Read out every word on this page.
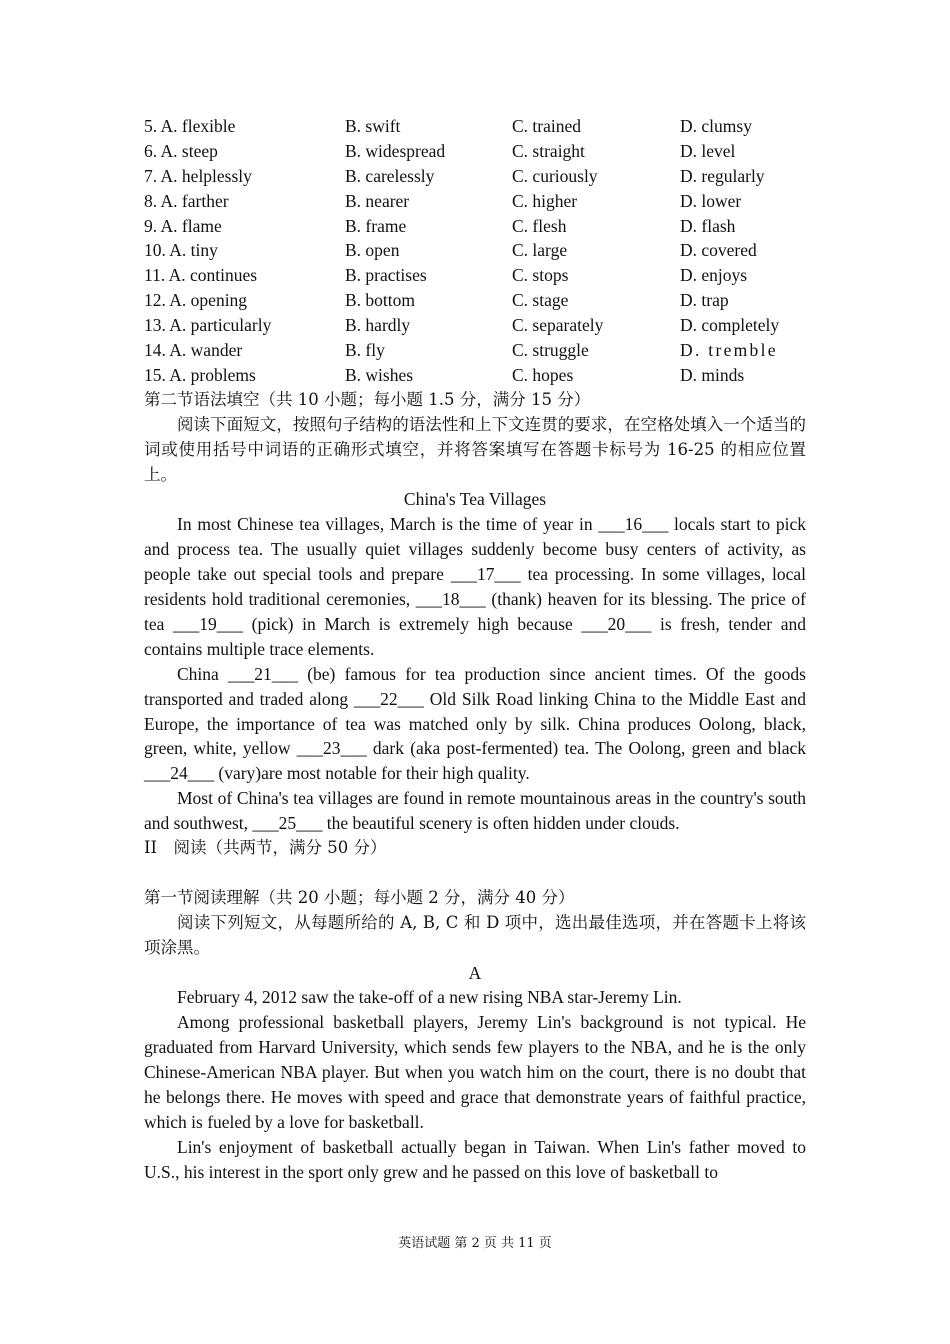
5. A. flexible	B. swift	C. trained	D. clumsy
6. A. steep	B. widespread	C. straight	D. level
7. A. helplessly	B. carelessly	C. curiously	D. regularly
8. A. farther	B. nearer	C. higher	D. lower
9. A. flame	B. frame	C. flesh	D. flash
10. A. tiny	B. open	C. large	D. covered
11. A. continues	B. practises	C. stops	D. enjoys
12. A. opening	B. bottom	C. stage	D. trap
13. A. particularly	B. hardly	C. separately	D. completely
14. A. wander	B. fly	C. struggle	D. tremble
15. A. problems	B. wishes	C. hopes	D. minds
第二节语法填空（共 10 小题；每小题 1.5 分，满分 15 分）

阅读下面短文，按照句子结构的语法性和上下文连贯的要求，在空格处填入一个适当的词或使用括号中词语的正确形式填空，并将答案填写在答题卡标号为 16-25 的相应位置上。

China's Tea Villages

In most Chinese tea villages, March is the time of year in ___16___ locals start to pick and process tea. The usually quiet villages suddenly become busy centers of activity, as people take out special tools and prepare ___17___ tea processing. In some villages, local residents hold traditional ceremonies, ___18___ (thank) heaven for its blessing. The price of tea ___19___ (pick) in March is extremely high because ___20___ is fresh, tender and contains multiple trace elements.

China ___21___ (be) famous for tea production since ancient times. Of the goods transported and traded along ___22___ Old Silk Road linking China to the Middle East and Europe, the importance of tea was matched only by silk. China produces Oolong, black, green, white, yellow ___23___ dark (aka post-fermented) tea. The Oolong, green and black ___24___ (vary)are most notable for their high quality.

Most of China's tea villages are found in remote mountainous areas in the country's south and southwest, ___25___ the beautiful scenery is often hidden under clouds.

II　阅读（共两节，满分 50 分）
第一节阅读理解（共 20 小题；每小题 2 分，满分 40 分）

阅读下列短文，从每题所给的 A, B, C 和 D 项中，选出最佳选项，并在答题卡上将该项涂黑。

A

February 4, 2012 saw the take-off of a new rising NBA star-Jeremy Lin.

Among professional basketball players, Jeremy Lin's background is not typical. He graduated from Harvard University, which sends few players to the NBA, and he is the only Chinese-American NBA player. But when you watch him on the court, there is no doubt that he belongs there. He moves with speed and grace that demonstrate years of faithful practice, which is fueled by a love for basketball.

Lin's enjoyment of basketball actually began in Taiwan. When Lin's father moved to U.S., his interest in the sport only grew and he passed on this love of basketball to

英语试题 第 2 页 共 11 页
